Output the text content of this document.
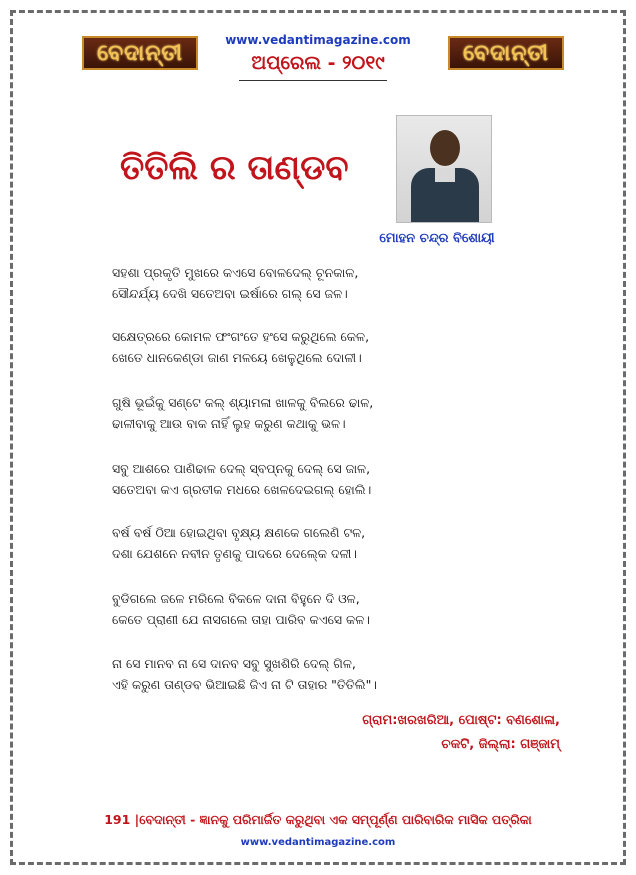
ବେଦାନ୍ତୀ
www.vedantimagazine.com
ଅପ୍ରେଲ - ୨୦୧୯	ବେଦାନ୍ତୀ
ତିତିଲି ର ତାଣ୍ଡବ
ମୋହନ ଚନ୍ଦ୍ର ବିଶୋୟୀ
ସହଶା ପ୍ରକୃତି ମୁଖରେ କଏସେ ବୋଳଦେଲ୍ ଚୂନକାଳ,
ସୌନ୍ଦର୍ଯ୍ୟ ଦେଖି ସତେଅବା ଇର୍ଷାରେ ଗଲ୍ ସେ ଜଳ।
ସକ୍ଷେତ୍ରରେ କୋମଳ ଫଂଗଂତେ ହଂସେ କରୁଥିଲେ କେଳ,
ଖେତେ ଧାନକେଣ୍ଡା ଜାଣ ମଳୟେ ଖେଳୁଥିଲେ ଦୋଳୀ।
ଗୁଷି ଭୂଇଁକୁ ସଣ୍ଟେ କଲ୍ ଶ୍ୟାମଳା ଖାଳକୁ ବିଲରେ ଢାଳ,
ଢାଳୀବାକୁ ଆଉ ବାକ ନାହିଁ ଲୁହ କରୁଣ କଥାକୁ ଭଳ।
ସବୁ ଆଶରେ ପାଣିଢାଳ ଦେଲ୍ ସ୍ବପ୍ନକୁ ଦେଲ୍ ସେ ଜାଳ,
ସତେଅବା କଏ ଗ୍ରତୀକ ମଧରେ ଖେଳଦେଇଗଲ୍ ହୋଲି।
ବର୍ଷ ବର୍ଷ ଠିଆ ହୋଇଥିବା ବୃକ୍ଷ୍ୟ କ୍ଷଣକେ ଗଲେଣି ଟଳ,
ଦଶା ଯେଶନେ ନବୀନ ତୃଣକୁ ପାଦରେ ଦେଲ୍‍କେ ଦଳୀ।
ବୁଡିଗଲେ ଜଳେ ମରିଲେ ବିକଳେ ଦାନା ବିହୁନେ ଦି ଓଳ,
କେତେ ପ୍ରାଣୀ ଯେ ନାସଗଲେ ତାହା ପାରିବ କଏସେ କଳ।
ନା ସେ ମାନବ ନା ସେ ଦାନବ ସବୁ ସୁଖଶିରି ଦେଲ୍ ଗିଳ,
ଏହି କରୁଣ ତାଣ୍ଡବ ଭିଆଇଛି ଜିଏ ନା ଟି ତାହାର "ତିତିଲି"।
ଗ୍ରାମ:ଖରଖରିଆ, ପୋଷ୍ଟ: ବଣଶୋଳା,
ଚକଟି, ଜିଲ୍ଲା: ଗଞ୍ଜାମ୍
191 |ବେଦାନ୍ତୀ - ଜ୍ଞାନକୁ ପରିମାର୍ଜିତ କରୁଥିବା ଏକ ସମ୍ପୂର୍ଣ୍ଣ ପାରିବାରିକ ମାସିକ ପତ୍ରିକା
www.vedantimagazine.com
